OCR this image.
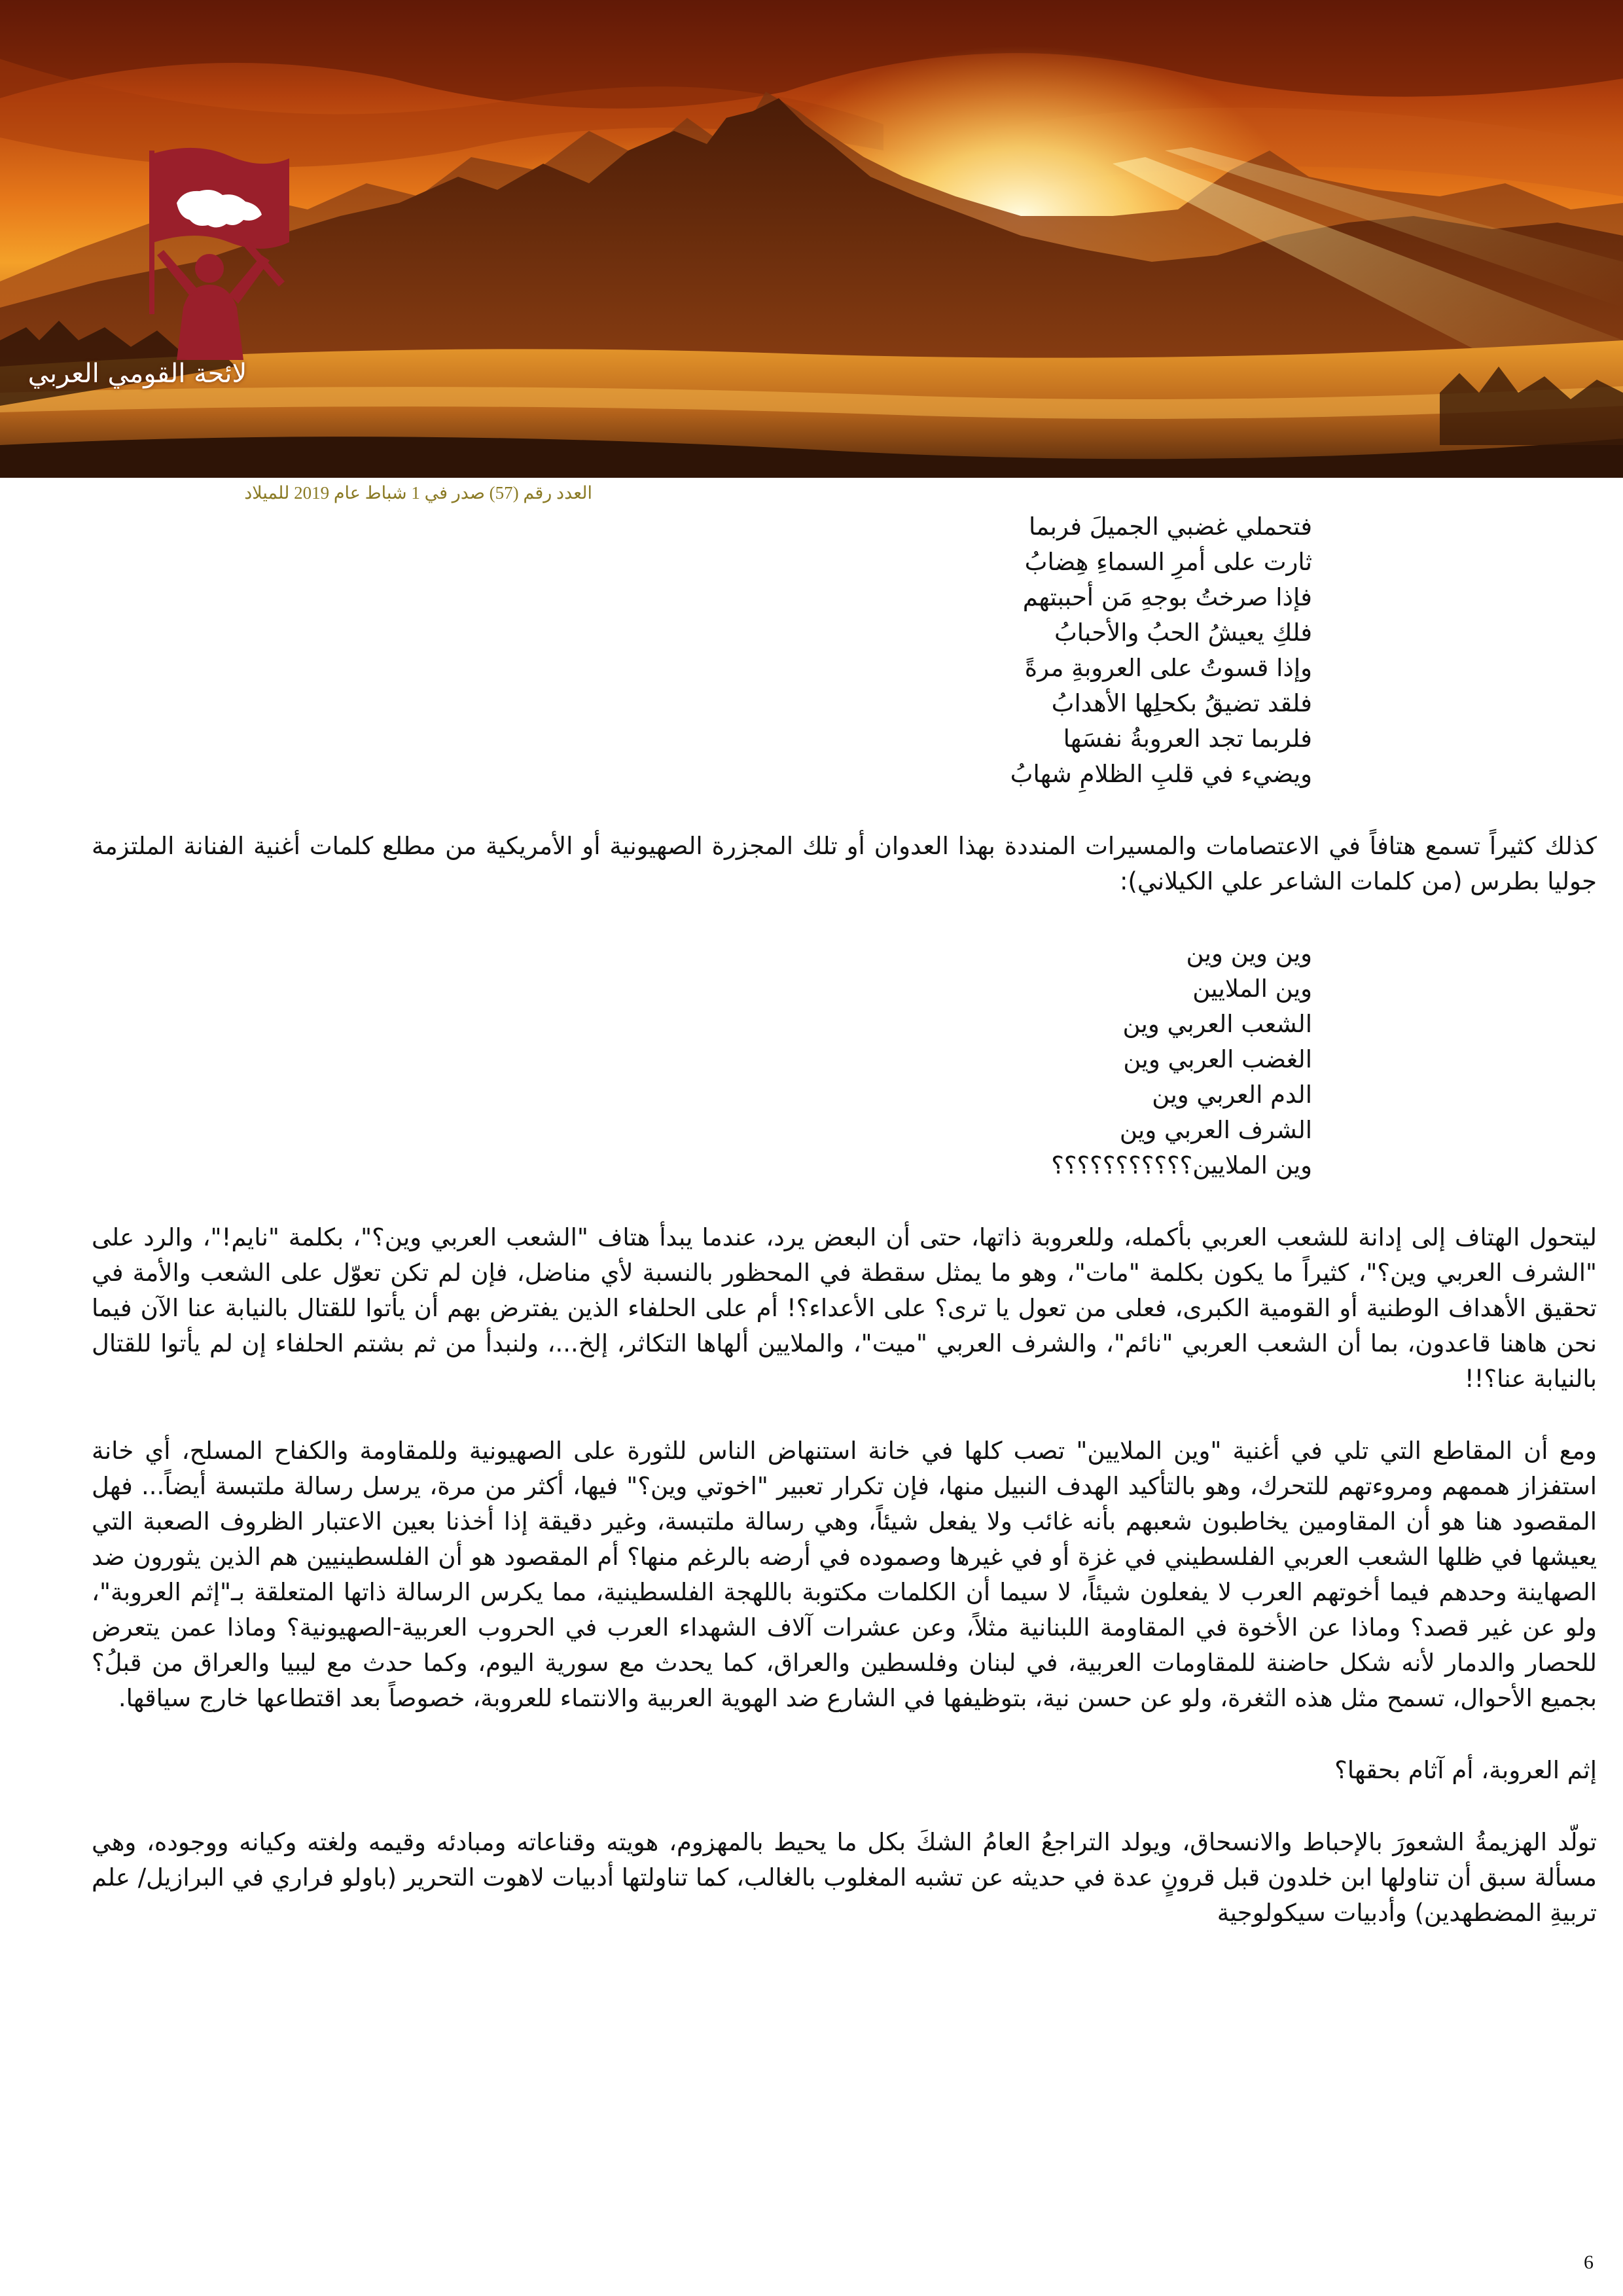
لائحة القومي العربي
العدد رقم (57) صدر في 1 شباط عام 2019 للميلاد
فتحملي غضبي الجميلَ فربما
ثارت على أمرِ السماءِ هِضابُ
فإذا صرختُ بوجهِ مَن أحببتهم
فلكِ يعيشُ الحبُ والأحبابُ
وإذا قسوتُ على العروبةِ مرةً
فلقد تضيقُ بكحلِها الأهدابُ
فلربما تجد العروبةُ نفسَها
ويضيء في قلبِ الظلامِ شهابُ

كذلك كثيراً تسمع هتافاً في الاعتصامات والمسيرات المنددة بهذا العدوان أو تلك المجزرة الصهيونية أو الأمريكية من مطلع كلمات أغنية الفنانة الملتزمة جوليا بطرس (من كلمات الشاعر علي الكيلاني):

وين وين وين
وين الملايين
الشعب العربي وين
الغضب العربي وين
الدم العربي وين
الشرف العربي وين
وين الملايين؟؟؟؟؟؟؟؟؟؟؟

ليتحول الهتاف إلى إدانة للشعب العربي بأكمله، وللعروبة ذاتها، حتى أن البعض يرد، عندما يبدأ هتاف "الشعب العربي وين؟"، بكلمة "نايم!"، والرد على "الشرف العربي وين؟"، كثيراً ما يكون بكلمة "مات"، وهو ما يمثل سقطة في المحظور بالنسبة لأي مناضل، فإن لم تكن تعوّل على الشعب والأمة في تحقيق الأهداف الوطنية أو القومية الكبرى، فعلى من تعول يا ترى؟ على الأعداء؟! أم على الحلفاء الذين يفترض بهم أن يأتوا للقتال بالنيابة عنا الآن فيما نحن هاهنا قاعدون، بما أن الشعب العربي "نائم"، والشرف العربي "ميت"، والملايين ألهاها التكاثر، إلخ...، ولنبدأ من ثم بشتم الحلفاء إن لم يأتوا للقتال بالنيابة عنا؟!!

ومع أن المقاطع التي تلي في أغنية "وين الملايين" تصب كلها في خانة استنهاض الناس للثورة على الصهيونية وللمقاومة والكفاح المسلح، أي خانة استفزاز هممهم ومروءتهم للتحرك، وهو بالتأكيد الهدف النبيل منها، فإن تكرار تعبير "اخوتي وين؟" فيها، أكثر من مرة، يرسل رسالة ملتبسة أيضاً... فهل المقصود هنا هو أن المقاومين يخاطبون شعبهم بأنه غائب ولا يفعل شيئاً، وهي رسالة ملتبسة، وغير دقيقة إذا أخذنا بعين الاعتبار الظروف الصعبة التي يعيشها في ظلها الشعب العربي الفلسطيني في غزة أو في غيرها وصموده في أرضه بالرغم منها؟ أم المقصود هو أن الفلسطينيين هم الذين يثورون ضد الصهاينة وحدهم فيما أخوتهم العرب لا يفعلون شيئاً، لا سيما أن الكلمات مكتوبة باللهجة الفلسطينية، مما يكرس الرسالة ذاتها المتعلقة بـ"إثم العروبة"، ولو عن غير قصد؟ وماذا عن الأخوة في المقاومة اللبنانية مثلاً، وعن عشرات آلاف الشهداء العرب في الحروب العربية-الصهيونية؟ وماذا عمن يتعرض للحصار والدمار لأنه شكل حاضنة للمقاومات العربية، في لبنان وفلسطين والعراق، كما يحدث مع سورية اليوم، وكما حدث مع ليبيا والعراق من قبلُ؟ بجميع الأحوال، تسمح مثل هذه الثغرة، ولو عن حسن نية، بتوظيفها في الشارع ضد الهوية العربية والانتماء للعروبة، خصوصاً بعد اقتطاعها خارج سياقها.

إثم العروبة، أم آثام بحقها؟

تولّد الهزيمةُ الشعورَ بالإحباط والانسحاق، ويولد التراجعُ العامُ الشكَ بكل ما يحيط بالمهزوم، هويته وقناعاته ومبادئه وقيمه ولغته وكيانه ووجوده، وهي مسألة سبق أن تناولها ابن خلدون قبل قرونٍ عدة في حديثه عن تشبه المغلوب بالغالب، كما تناولتها أدبيات لاهوت التحرير (باولو فراري في البرازيل/ علم تربيةِ المضطهدين) وأدبيات سيكولوجية

6
